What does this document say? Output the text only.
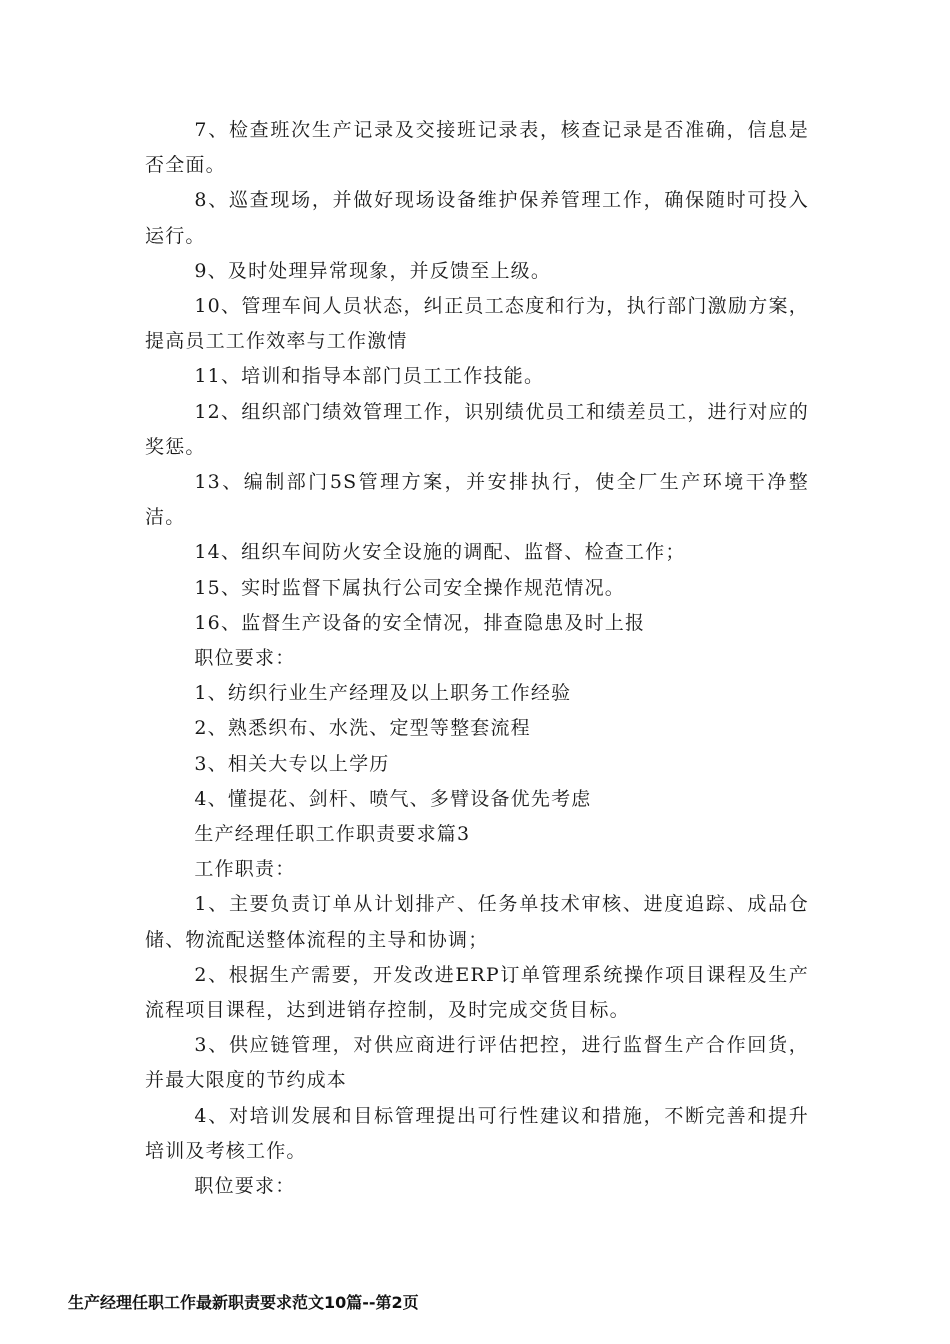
7、检查班次生产记录及交接班记录表，核查记录是否准确，信息是否全面。

8、巡查现场，并做好现场设备维护保养管理工作，确保随时可投入运行。

9、及时处理异常现象，并反馈至上级。

10、管理车间人员状态，纠正员工态度和行为，执行部门激励方案，提高员工工作效率与工作激情

11、培训和指导本部门员工工作技能。

12、组织部门绩效管理工作，识别绩优员工和绩差员工，进行对应的奖惩。

13、编制部门5S管理方案，并安排执行，使全厂生产环境干净整洁。

14、组织车间防火安全设施的调配、监督、检查工作；

15、实时监督下属执行公司安全操作规范情况。

16、监督生产设备的安全情况，排查隐患及时上报

职位要求：

1、纺织行业生产经理及以上职务工作经验

2、熟悉织布、水洗、定型等整套流程

3、相关大专以上学历

4、懂提花、剑杆、喷气、多臂设备优先考虑

生产经理任职工作职责要求篇3

工作职责：

1、主要负责订单从计划排产、任务单技术审核、进度追踪、成品仓储、物流配送整体流程的主导和协调；

2、根据生产需要，开发改进ERP订单管理系统操作项目课程及生产流程项目课程，达到进销存控制，及时完成交货目标。

3、供应链管理，对供应商进行评估把控，进行监督生产合作回货，并最大限度的节约成本

4、对培训发展和目标管理提出可行性建议和措施，不断完善和提升培训及考核工作。

职位要求：

生产经理任职工作最新职责要求范文10篇--第2页
